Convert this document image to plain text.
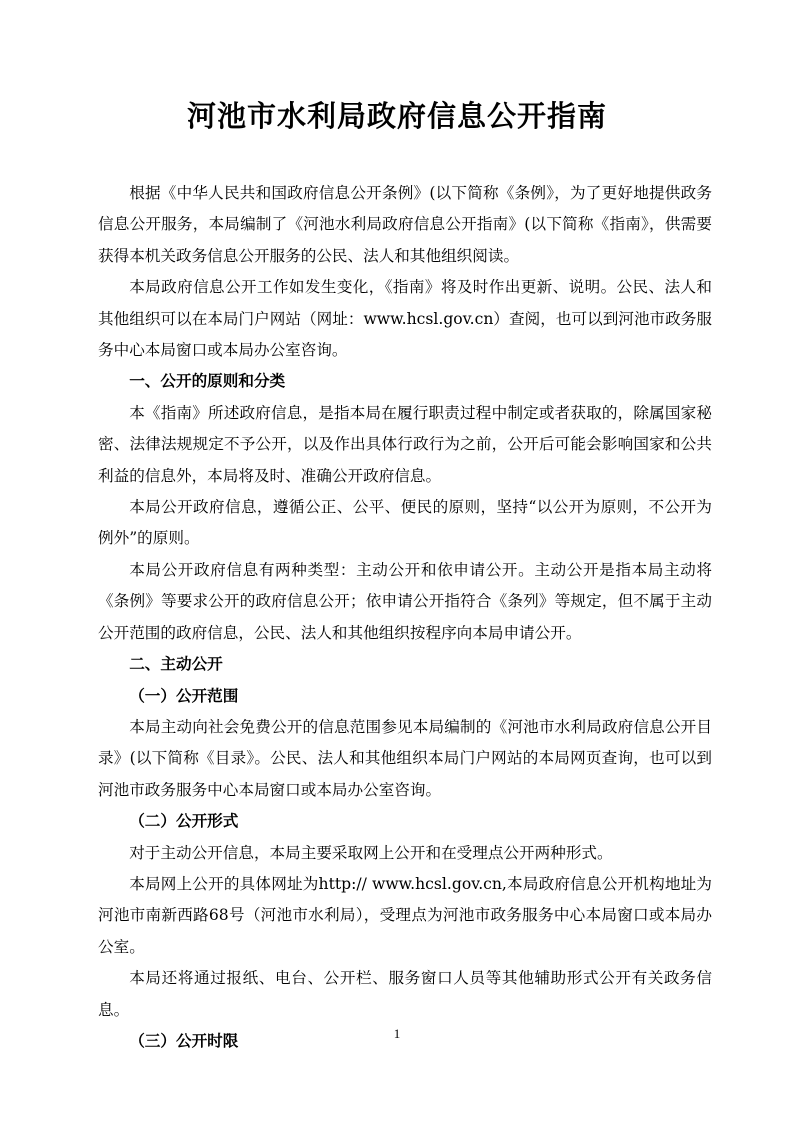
河池市水利局政府信息公开指南

根据《中华人民共和国政府信息公开条例》(以下简称《条例》，为了更好地提供政务信息公开服务，本局编制了《河池水利局政府信息公开指南》(以下简称《指南》，供需要获得本机关政务信息公开服务的公民、法人和其他组织阅读。

本局政府信息公开工作如发生变化，《指南》将及时作出更新、说明。公民、法人和其他组织可以在本局门户网站（网址：www.hcsl.gov.cn）查阅，也可以到河池市政务服务中心本局窗口或本局办公室咨询。

一、公开的原则和分类

本《指南》所述政府信息，是指本局在履行职责过程中制定或者获取的，除属国家秘密、法律法规规定不予公开，以及作出具体行政行为之前，公开后可能会影响国家和公共利益的信息外，本局将及时、准确公开政府信息。

本局公开政府信息，遵循公正、公平、便民的原则，坚持“以公开为原则，不公开为例外”的原则。

本局公开政府信息有两种类型：主动公开和依申请公开。主动公开是指本局主动将《条例》等要求公开的政府信息公开；依申请公开指符合《条列》等规定，但不属于主动公开范围的政府信息，公民、法人和其他组织按程序向本局申请公开。

二、主动公开

（一）公开范围

本局主动向社会免费公开的信息范围参见本局编制的《河池市水利局政府信息公开目录》(以下简称《目录》。公民、法人和其他组织本局门户网站的本局网页查询，也可以到河池市政务服务中心本局窗口或本局办公室咨询。

（二）公开形式

对于主动公开信息，本局主要采取网上公开和在受理点公开两种形式。

本局网上公开的具体网址为http:// www.hcsl.gov.cn,本局政府信息公开机构地址为河池市南新西路68号（河池市水利局），受理点为河池市政务服务中心本局窗口或本局办公室。

本局还将通过报纸、电台、公开栏、服务窗口人员等其他辅助形式公开有关政务信息。

（三）公开时限	1
